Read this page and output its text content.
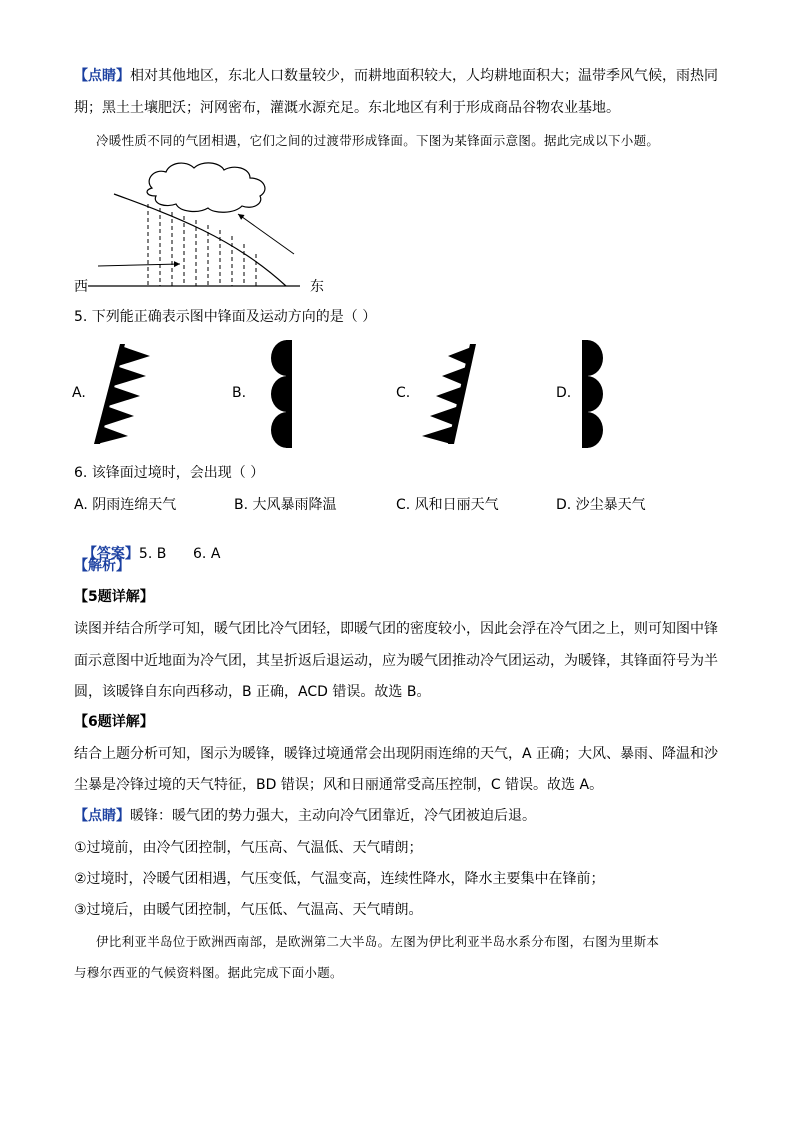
【点睛】相对其他地区，东北人口数量较少，而耕地面积较大，人均耕地面积大；温带季风气候，雨热同
期；黑土土壤肥沃；河网密布，灌溉水源充足。东北地区有利于形成商品谷物农业基地。
冷暖性质不同的气团相遇，它们之间的过渡带形成锋面。下图为某锋面示意图。据此完成以下小题。
西	东
5. 下列能正确表示图中锋面及运动方向的是（ ）
A.	B.	C.	D.
6. 该锋面过境时，会出现（ ）
A. 阴雨连绵天气	B. 大风暴雨降温	C. 风和日丽天气	D. 沙尘暴天气

【答案】5. B      6. A

【解析】
【5题详解】
读图并结合所学可知，暖气团比冷气团轻，即暖气团的密度较小，因此会浮在冷气团之上，则可知图中锋
面示意图中近地面为冷气团，其呈折返后退运动，应为暖气团推动冷气团运动，为暖锋，其锋面符号为半
圆，该暖锋自东向西移动，B 正确，ACD 错误。故选 B。
【6题详解】
结合上题分析可知，图示为暖锋，暖锋过境通常会出现阴雨连绵的天气，A 正确；大风、暴雨、降温和沙
尘暴是冷锋过境的天气特征，BD 错误；风和日丽通常受高压控制，C 错误。故选 A。
【点睛】暖锋：暖气团的势力强大，主动向冷气团靠近，冷气团被迫后退。
①过境前，由冷气团控制，气压高、气温低、天气晴朗；
②过境时，冷暖气团相遇，气压变低，气温变高，连续性降水，降水主要集中在锋前；
③过境后，由暖气团控制，气压低、气温高、天气晴朗。
伊比利亚半岛位于欧洲西南部，是欧洲第二大半岛。左图为伊比利亚半岛水系分布图，右图为里斯本
与穆尔西亚的气候资料图。据此完成下面小题。
